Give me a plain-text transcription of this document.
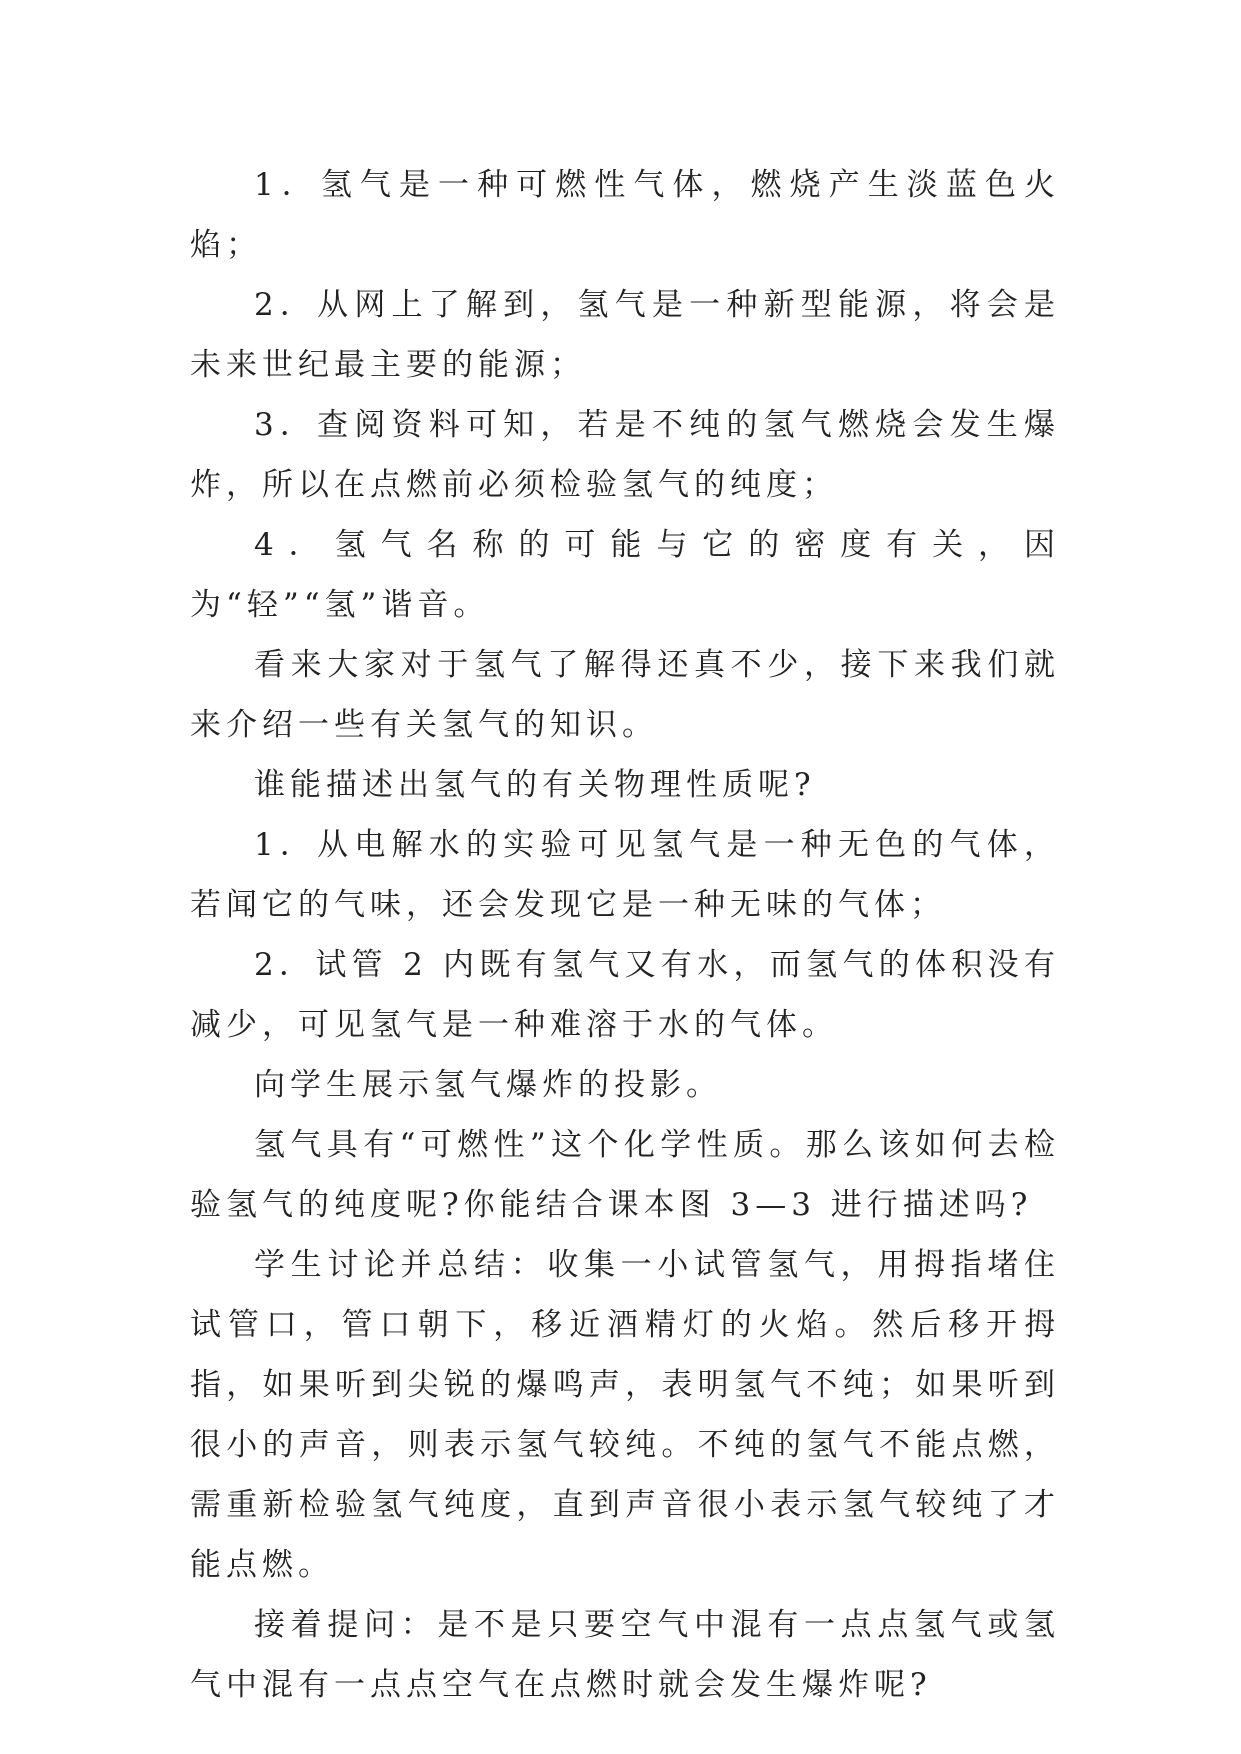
1．氢气是一种可燃性气体，燃烧产生淡蓝色火焰；

2．从网上了解到，氢气是一种新型能源，将会是未来世纪最主要的能源；

3．查阅资料可知，若是不纯的氢气燃烧会发生爆炸，所以在点燃前必须检验氢气的纯度；

4．氢气名称的可能与它的密度有关，因为“轻”“氢”谐音。

看来大家对于氢气了解得还真不少，接下来我们就来介绍一些有关氢气的知识。

谁能描述出氢气的有关物理性质呢?

1．从电解水的实验可见氢气是一种无色的气体，若闻它的气味，还会发现它是一种无味的气体；

2．试管 2 内既有氢气又有水，而氢气的体积没有减少，可见氢气是一种难溶于水的气体。

向学生展示氢气爆炸的投影。

氢气具有“可燃性”这个化学性质。那么该如何去检验氢气的纯度呢?你能结合课本图 3—3 进行描述吗?

学生讨论并总结：收集一小试管氢气，用拇指堵住试管口，管口朝下，移近酒精灯的火焰。然后移开拇指，如果听到尖锐的爆鸣声，表明氢气不纯；如果听到很小的声音，则表示氢气较纯。不纯的氢气不能点燃，需重新检验氢气纯度，直到声音很小表示氢气较纯了才能点燃。

接着提问：是不是只要空气中混有一点点氢气或氢气中混有一点点空气在点燃时就会发生爆炸呢?
